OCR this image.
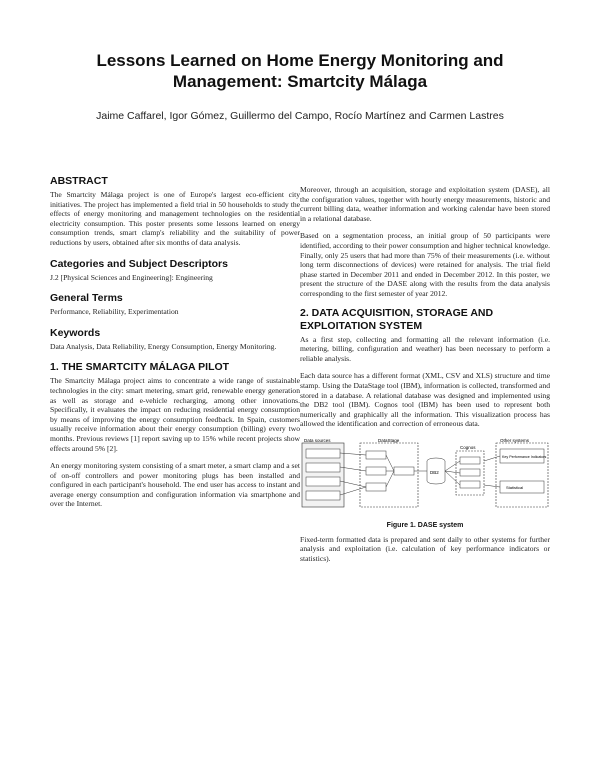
Lessons Learned on Home Energy Monitoring and Management: Smartcity Málaga
Jaime Caffarel, Igor Gómez, Guillermo del Campo, Rocío Martínez and Carmen Lastres
ABSTRACT

The Smartcity Málaga project is one of Europe's largest eco-efficient city initiatives. The project has implemented a field trial in 50 households to study the effects of energy monitoring and management technologies on the residential electricity consumption. This poster presents some lessons learned on energy consumption trends, smart clamp's reliability and the suitability of power reductions by users, obtained after six months of data analysis.

Categories and Subject Descriptors

J.2 [Physical Sciences and Engineering]: Engineering

General Terms

Performance, Reliability, Experimentation

Keywords

Data Analysis, Data Reliability, Energy Consumption, Energy Monitoring.

1. THE SMARTCITY MÁLAGA PILOT

The Smartcity Málaga project aims to concentrate a wide range of sustainable technologies in the city: smart metering, smart grid, renewable energy generation as well as storage and e-vehicle recharging, among other innovations. Specifically, it evaluates the impact on reducing residential energy consumption by means of improving the energy consumption feedback. In Spain, customers usually receive information about their energy consumption (billing) every two months. Previous reviews [1] report saving up to 15% while recent projects show effects around 5% [2].

An energy monitoring system consisting of a smart meter, a smart clamp and a set of on-off controllers and power monitoring plugs has been installed and configured in each participant's household. The end user has access to instant and average energy consumption and configuration information via smartphone and over the Internet.

Moreover, through an acquisition, storage and exploitation system (DASE), all the configuration values, together with hourly energy measurements, historic and current billing data, weather information and working calendar have been stored in a relational database.

Based on a segmentation process, an initial group of 50 participants were identified, according to their power consumption and higher technical knowledge. Finally, only 25 users that had more than 75% of their measurements (i.e. without long term disconnections of devices) were retained for analysis. The trial field phase started in December 2011 and ended in December 2012. In this poster, we present the structure of the DASE along with the results from the data analysis corresponding to the first semester of year 2012.

2. DATA ACQUISITION, STORAGE AND EXPLOITATION SYSTEM

As a first step, collecting and formatting all the relevant information (i.e. metering, billing, configuration and weather) has been necessary to perform a reliable analysis.

Each data source has a different format (XML, CSV and XLS) structure and time stamp. Using the DataStage tool (IBM), information is collected, transformed and stored in a database. A relational database was designed and implemented using the DB2 tool (IBM). Cognos tool (IBM) has been used to represent both numerically and graphically all the information. This visualization process has allowed the identification and correction of erroneous data.

Data sources	DataStage
DB2
Cognos
Other systems
Key Performance Indicators
Statistical
Figure 1. DASE system

Fixed-term formatted data is prepared and sent daily to other systems for further analysis and exploitation (i.e. calculation of key performance indicators or statistics).
